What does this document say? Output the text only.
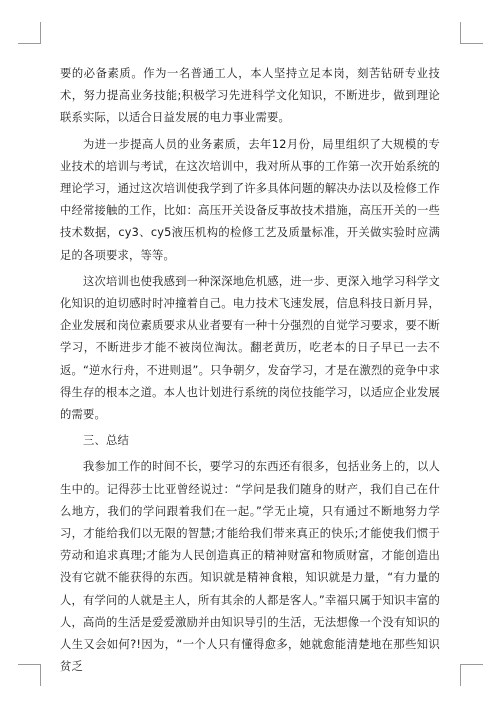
要的必备素质。作为一名普通工人，本人坚持立足本岗，刻苦钻研专业技术，努力提高业务技能;积极学习先进科学文化知识，不断进步，做到理论联系实际，以适合日益发展的电力事业需要。

为进一步提高人员的业务素质，去年12月份，局里组织了大规模的专业技术的培训与考试，在这次培训中，我对所从事的工作第一次开始系统的理论学习，通过这次培训使我学到了许多具体问题的解决办法以及检修工作中经常接触的工作，比如：高压开关设备反事故技术措施，高压开关的一些技术数据，cy3、cy5液压机构的检修工艺及质量标准，开关做实验时应满足的各项要求，等等。

这次培训也使我感到一种深深地危机感，进一步、更深入地学习科学文化知识的迫切感时时冲撞着自己。电力技术飞速发展，信息科技日新月异，企业发展和岗位素质要求从业者要有一种十分强烈的自觉学习要求，要不断学习，不断进步才能不被岗位淘汰。翻老黄历，吃老本的日子早已一去不返。“逆水行舟，不进则退”。只争朝夕，发奋学习，才是在激烈的竞争中求得生存的根本之道。本人也计划进行系统的岗位技能学习，以适应企业发展的需要。

三、总结

我参加工作的时间不长，要学习的东西还有很多，包括业务上的，以人生中的。记得莎士比亚曾经说过：“学问是我们随身的财产，我们自己在什么地方，我们的学问跟着我们在一起。”学无止境，只有通过不断地努力学习，才能给我们以无限的智慧;才能给我们带来真正的快乐;才能使我们惯于劳动和追求真理;才能为人民创造真正的精神财富和物质财富，才能创造出没有它就不能获得的东西。知识就是精神食粮，知识就是力量，“有力量的人，有学问的人就是主人，所有其余的人都是客人。”幸福只属于知识丰富的人，高尚的生活是爱爱激励并由知识导引的生活，无法想像一个没有知识的人生又会如何?!因为，“一个人只有懂得愈多，她就愈能清楚地在那些知识贫乏
